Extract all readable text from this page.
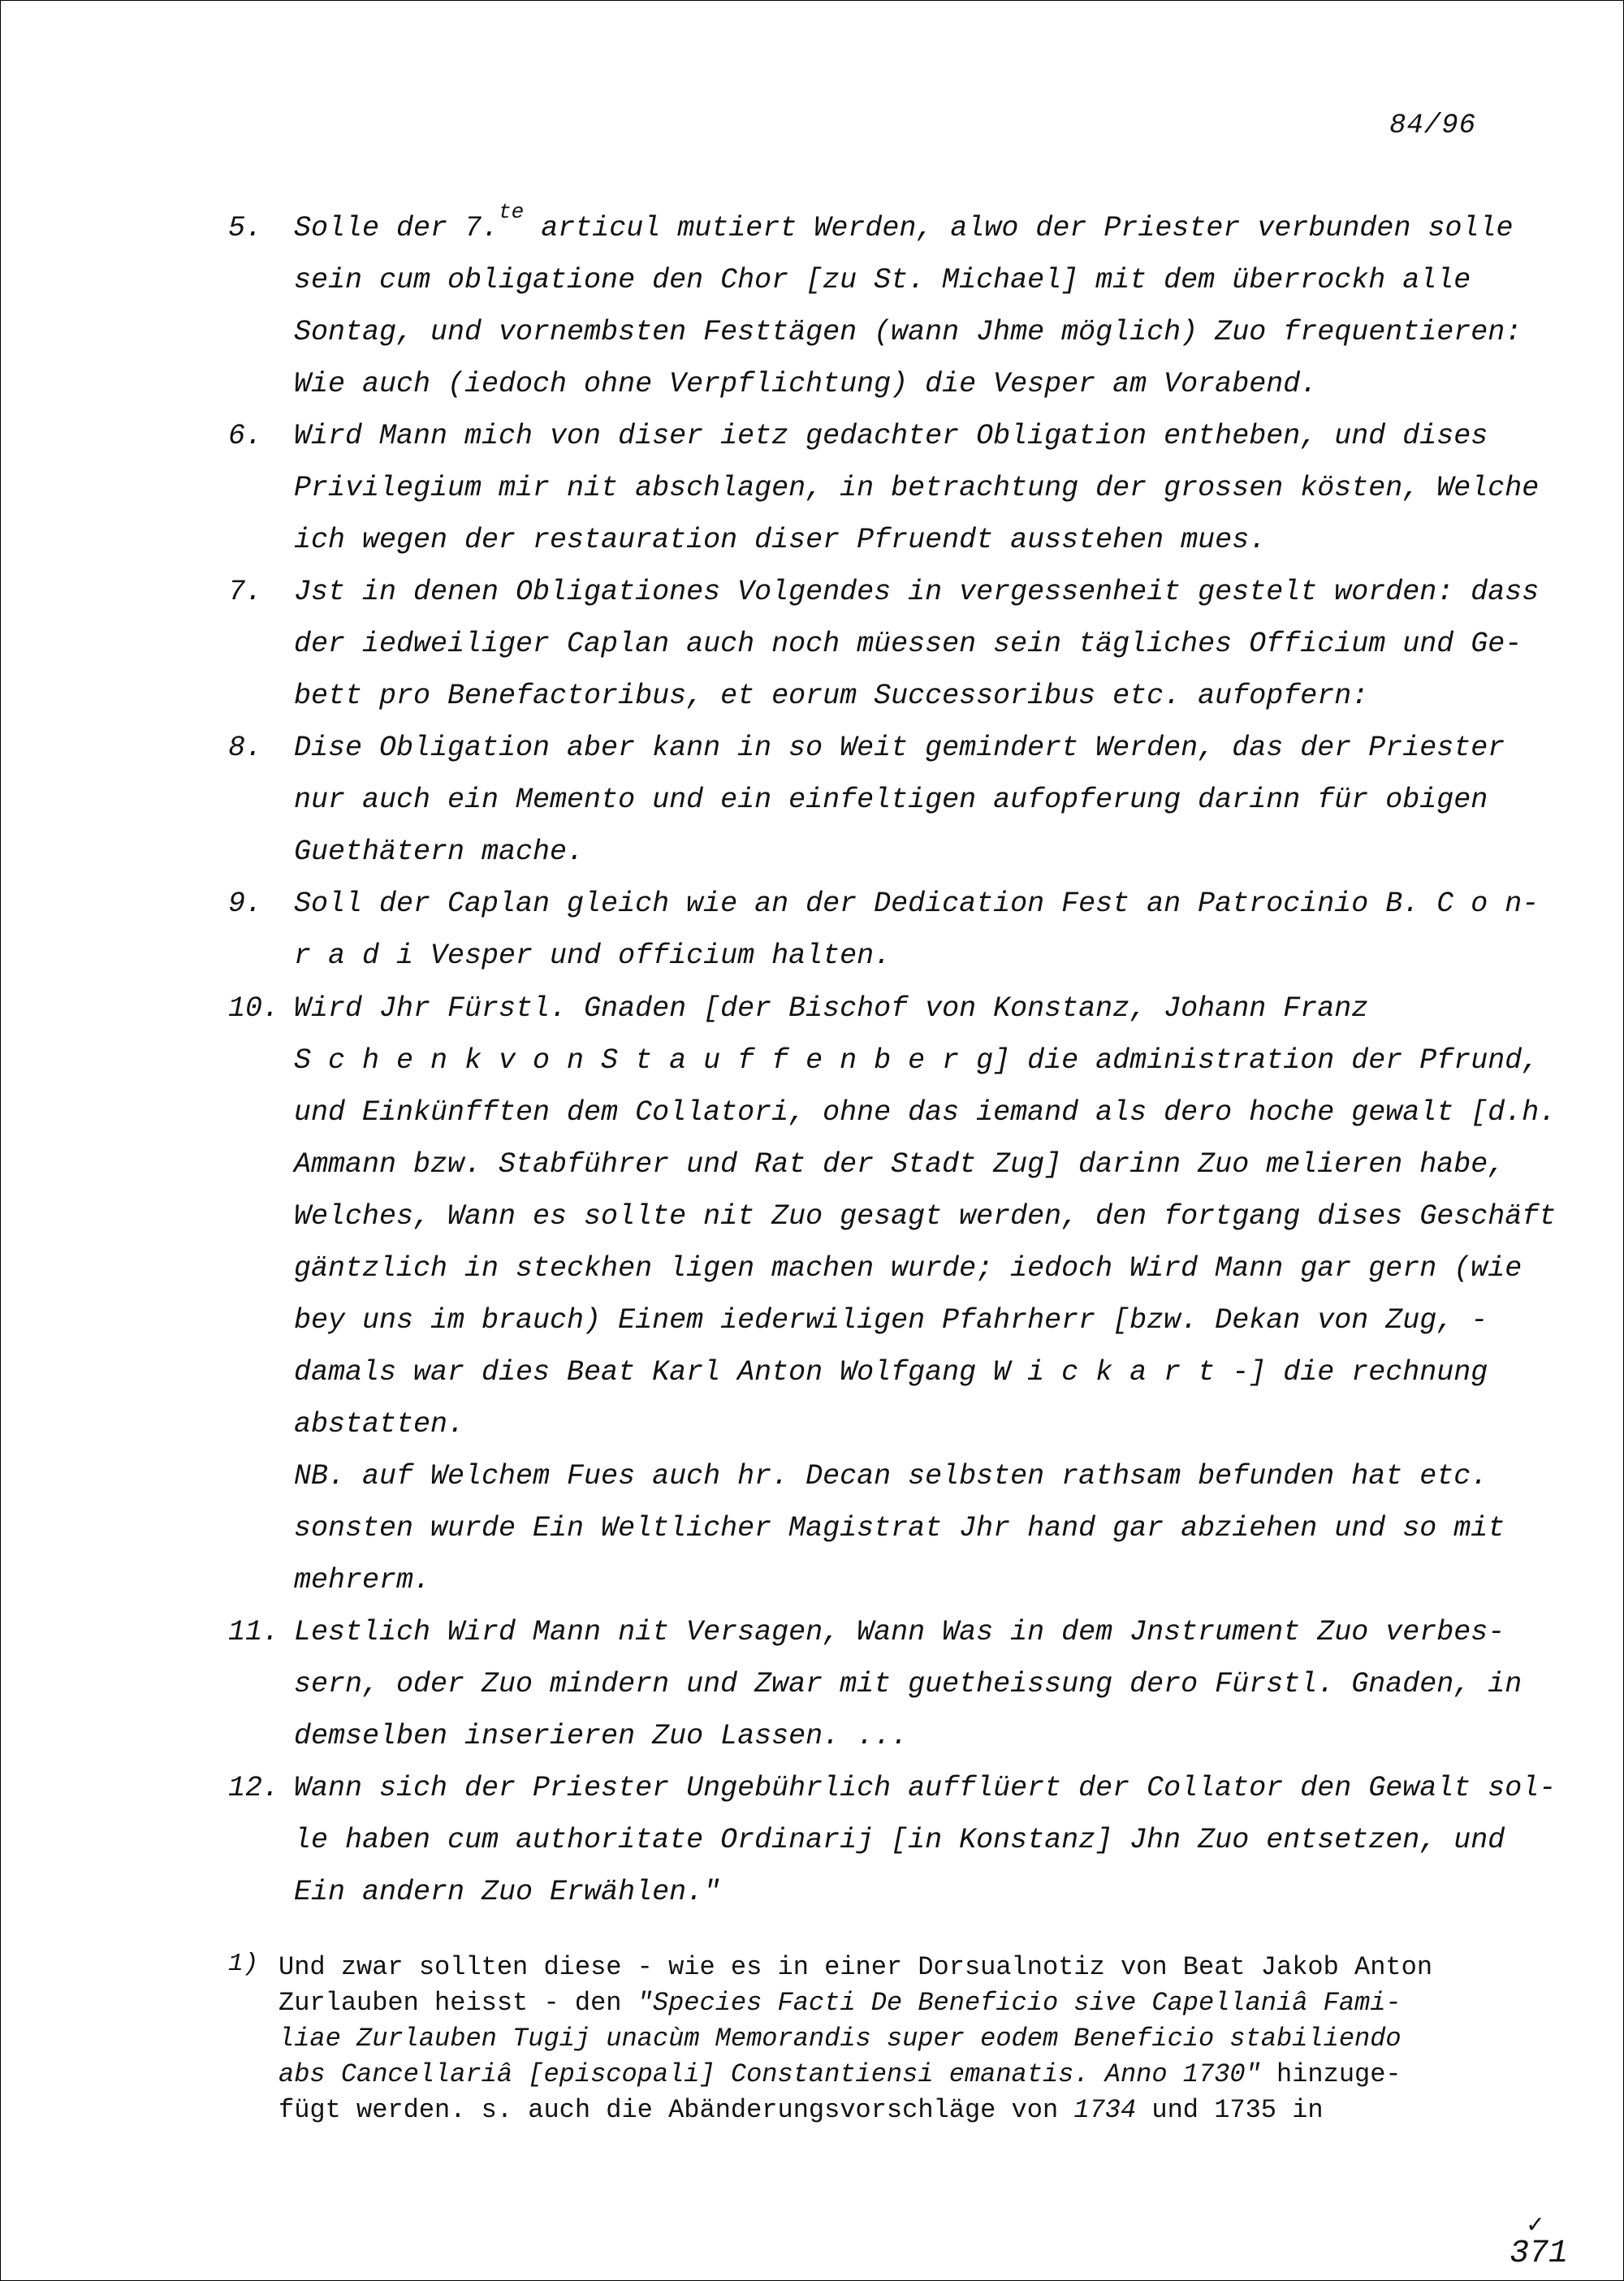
84/96
5. Solle der 7.$^{te}$ articul mutiert Werden, alwo der Priester verbunden solle
sein cum obligatione den Chor [zu St. Michael] mit dem überrockh alle
Sontag, und vornembsten Festtägen (wann Jhme möglich) Zuo frequentieren:
Wie auch (iedoch ohne Verpflichtung) die Vesper am Vorabend.
6. Wird Mann mich von diser ietz gedachter Obligation entheben, und dises
Privilegium mir nit abschlagen, in betrachtung der grossen kösten, Welche
ich wegen der restauration diser Pfruendt ausstehen mues.
7. Jst in denen Obligationes Volgendes in vergessenheit gestelt worden: dass
der iedweiliger Caplan auch noch müessen sein tägliches Officium und Ge-
bett pro Benefactoribus, et eorum Successoribus etc. aufopfern:
8. Dise Obligation aber kann in so Weit gemindert Werden, das der Priester
nur auch ein Memento und ein einfeltigen aufopferung darinn für obigen
Guethätern mache.
9. Soll der Caplan gleich wie an der Dedication Fest an Patrocinio B. C o n-
r a d i Vesper und officium halten.
10. Wird Jhr Fürstl. Gnaden [der Bischof von Konstanz, Johann Franz
S c h e n k v o n S t a u f f e n b e r g] die administration der Pfrund,
und Einkünfften dem Collatori, ohne das iemand als dero hoche gewalt [d.h.
Ammann bzw. Stabführer und Rat der Stadt Zug] darinn Zuo melieren habe,
Welches, Wann es sollte nit Zuo gesagt werden, den fortgang dises Geschäft
gäntzlich in steckhen ligen machen wurde; iedoch Wird Mann gar gern (wie
bey uns im brauch) Einem iederwiligen Pfahrherr [bzw. Dekan von Zug, -
damals war dies Beat Karl Anton Wolfgang W i c k a r t -] die rechnung
abstatten.
NB. auf Welchem Fues auch hr. Decan selbsten rathsam befunden hat etc.
sonsten wurde Ein Weltlicher Magistrat Jhr hand gar abziehen und so mit
mehrerm.
11. Lestlich Wird Mann nit Versagen, Wann Was in dem Jnstrument Zuo verbes-
sern, oder Zuo mindern und Zwar mit guetheissung dero Fürstl. Gnaden, in
demselben inserieren Zuo Lassen. ...
12. Wann sich der Priester Ungebührlich aufflüert der Collator den Gewalt sol-
le haben cum authoritate Ordinarij [in Konstanz] Jhn Zuo entsetzen, und
Ein andern Zuo Erwählen."
1) Und zwar sollten diese - wie es in einer Dorsualnotiz von Beat Jakob Anton
Zurlauben heisst - den "Species Facti De Beneficio sive Capellaniâ Fami-
liae Zurlauben Tugij unacùm Memorandis super eodem Beneficio stabiliendo
abs Cancellariâ [episcopali] Constantiensi emanatis. Anno 1730" hinzuge-
fügt werden. s. auch die Abänderungsvorschläge von 1734 und 1735 in
✓
371
